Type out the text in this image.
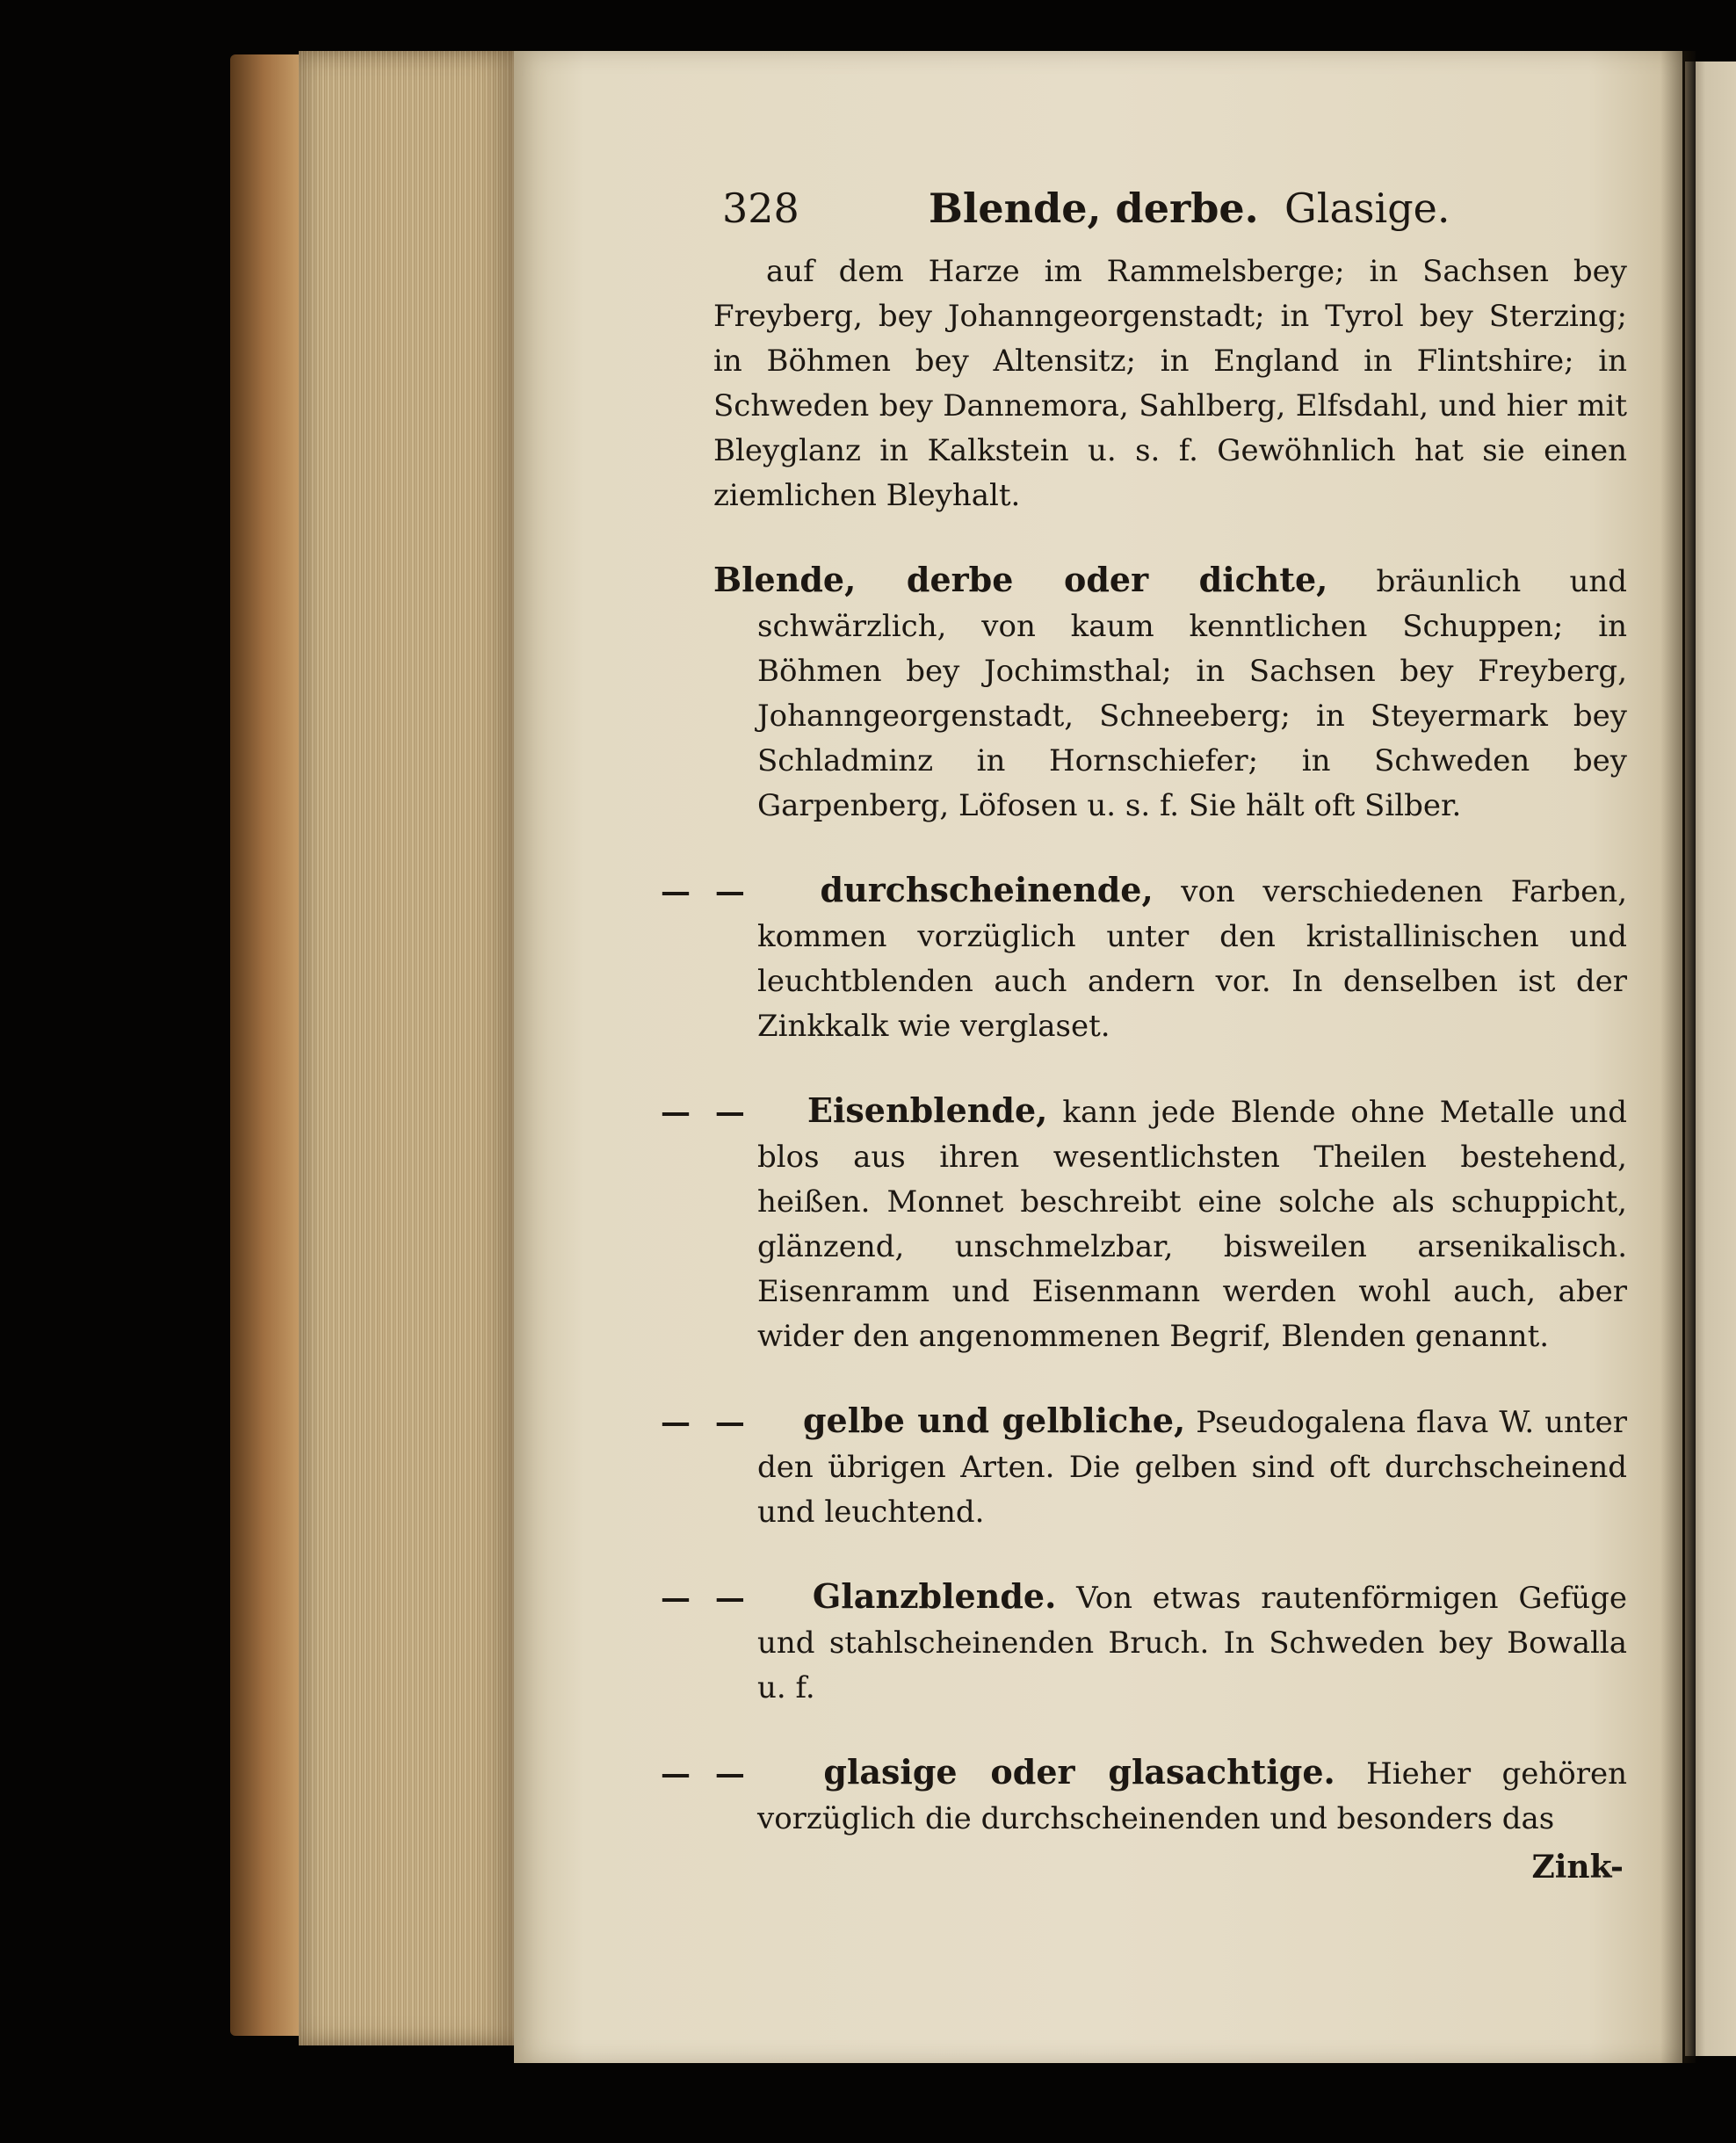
328	Blende, derbe. Glasige.
auf dem Harze im Rammelsberge; in Sachsen bey Freyberg, bey Johanngeorgenstadt; in Tyrol bey Sterzing; in Böhmen bey Altensitz; in England in Flintshire; in Schweden bey Dannemora, Sahlberg, Elfsdahl, und hier mit Bleyglanz in Kalkstein u. s. f. Gewöhnlich hat sie einen ziemlichen Bleyhalt.
Blende, derbe oder dichte, bräunlich und schwärzlich, von kaum kenntlichen Schuppen; in Böhmen bey Jochimsthal; in Sachsen bey Freyberg, Johanngeorgenstadt, Schneeberg; in Steyermark bey Schladminz in Hornschiefer; in Schweden bey Garpenberg, Löfosen u. s. f. Sie hält oft Silber.
— — durchscheinende, von verschiedenen Farben, kommen vorzüglich unter den kristallinischen und leuchtblenden auch andern vor. In denselben ist der Zinkkalk wie verglaset.
— — Eisenblende, kann jede Blende ohne Metalle und blos aus ihren wesentlichsten Theilen bestehend, heißen. Monnet beschreibt eine solche als schuppicht, glänzend, unschmelzbar, bisweilen arsenikalisch. Eisenramm und Eisenmann werden wohl auch, aber wider den angenommenen Begrif, Blenden genannt.
— — gelbe und gelbliche, Pseudogalena flava W. unter den übrigen Arten. Die gelben sind oft durchscheinend und leuchtend.
— — Glanzblende. Von etwas rautenförmigen Gefüge und stahlscheinenden Bruch. In Schweden bey Bowalla u. f.
— — glasige oder glasachtige. Hieher gehören vorzüglich die durchscheinenden und besonders das
Zink-
